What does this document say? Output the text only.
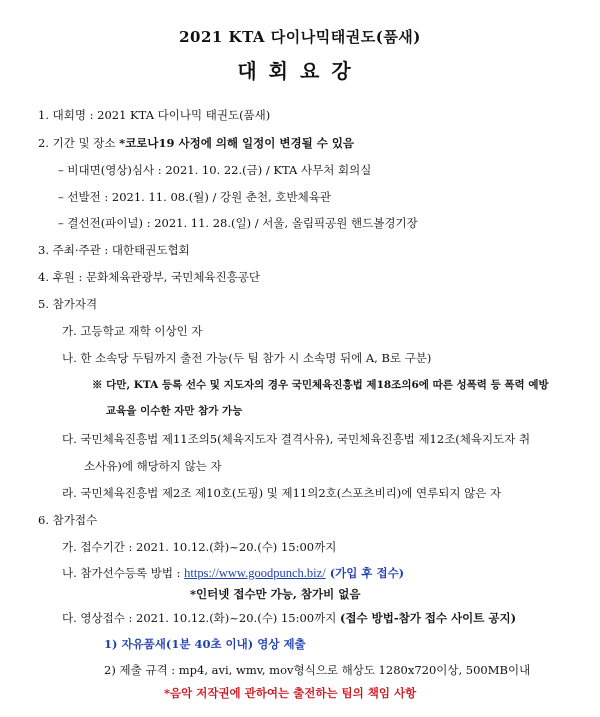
2021 KTA 다이나믹태권도(품새)
대회요강
1. 대회명 : 2021 KTA 다이나믹 태권도(품새)
2. 기간 및 장소 *코로나19 사정에 의해 일정이 변경될 수 있음
– 비대면(영상)심사 : 2021. 10. 22.(금) / KTA 사무처 회의실
– 선발전 : 2021. 11. 08.(월) / 강원 춘천, 호반체육관
– 결선전(파이널) : 2021. 11. 28.(일) / 서울, 올림픽공원 핸드볼경기장
3. 주최·주관 : 대한태권도협회
4. 후원 : 문화체육관광부, 국민체육진흥공단
5. 참가자격
가. 고등학교 재학 이상인 자
나. 한 소속당 두팀까지 출전 가능(두 팀 참가 시 소속명 뒤에 A, B로 구분)
※ 다만, KTA 등록 선수 및 지도자의 경우 국민체육진흥법 제18조의6에 따른 성폭력 등 폭력 예방
교육을 이수한 자만 참가 가능
다. 국민체육진흥법 제11조의5(체육지도자 결격사유), 국민체육진흥법 제12조(체육지도자 취
소사유)에 해당하지 않는 자
라. 국민체육진흥법 제2조 제10호(도핑) 및 제11의2호(스포츠비리)에 연루되지 않은 자
6. 참가접수
가. 접수기간 : 2021. 10.12.(화)~20.(수) 15:00까지
나. 참가선수등록 방법 : https://www.goodpunch.biz/ (가입 후 접수)
*인터넷 접수만 가능, 참가비 없음
다. 영상접수 : 2021. 10.12.(화)~20.(수) 15:00까지 (접수 방법-참가 접수 사이트 공지)
1) 자유품새(1분 40초 이내) 영상 제출
2) 제출 규격 : mp4, avi, wmv, mov형식으로 해상도 1280x720이상, 500MB이내
*음악 저작권에 관하여는 출전하는 팀의 책임 사항
